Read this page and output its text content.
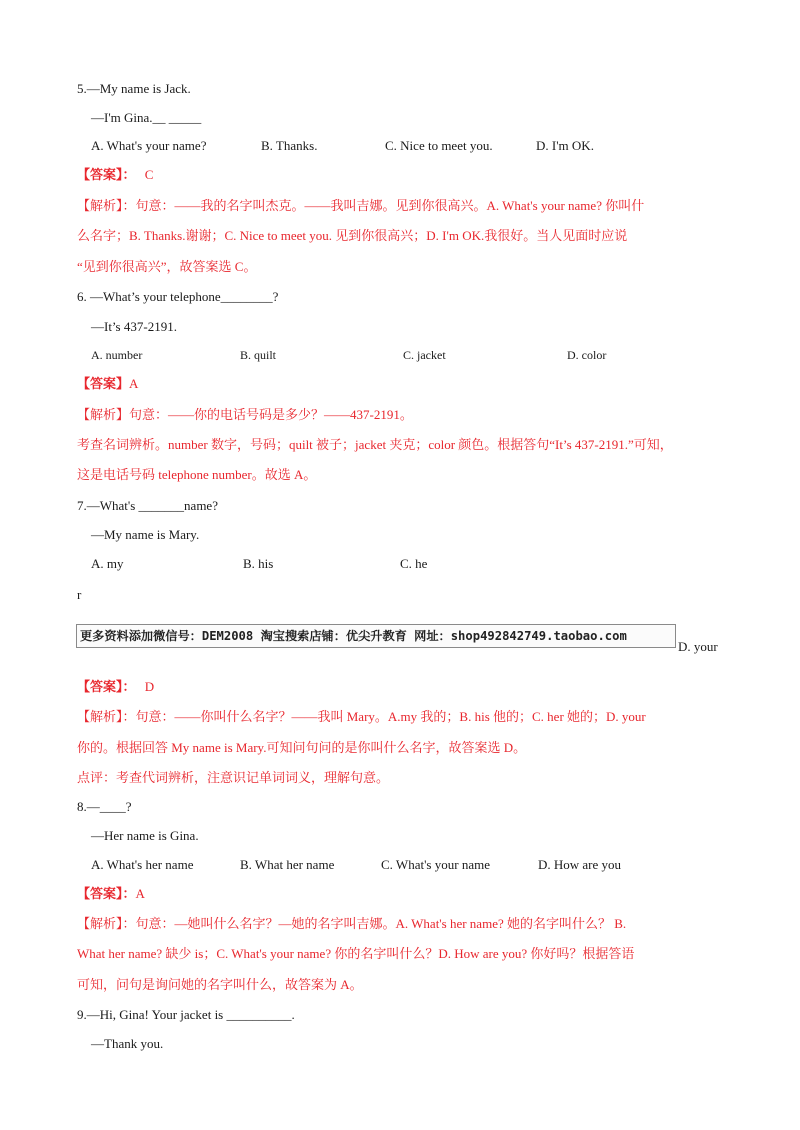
5.—My name is Jack.
—I'm Gina.__ _____
A. What's your name?	B. Thanks.	C. Nice to meet you.	D. I'm OK.
【答案】： C
【解析】：句意：——我的名字叫杰克。——我叫吉娜。见到你很高兴。A. What's your name? 你叫什
么名字；B. Thanks.谢谢；C. Nice to meet you. 见到你很高兴；D. I'm OK.我很好。当人见面时应说
“见到你很高兴”，故答案选 C。
6. —What’s your telephone________?
—It’s 437-2191.
A. number	B. quilt	C. jacket	D. color
【答案】A
【解析】句意：——你的电话号码是多少？——437-2191。
考查名词辨析。number 数字，号码；quilt 被子；jacket 夹克；color 颜色。根据答句“It’s 437-2191.”可知，
这是电话号码 telephone number。故选 A。
7.—What's _______name?
—My name is Mary.
A. my	B. his	C. he
r
更多资料添加微信号：DEM2008 淘宝搜索店铺：优尖升教育 网址：shop492842749.taobao.com
D. your
【答案】： D
【解析】：句意：——你叫什么名字？——我叫 Mary。A.my 我的；B. his 他的；C. her 她的；D. your
你的。根据回答 My name is Mary.可知问句问的是你叫什么名字，故答案选 D。
点评：考查代词辨析，注意识记单词词义，理解句意。
8.—____?
—Her name is Gina.
A. What's her name	B. What her name	C. What's your name	D. How are you
【答案】：A
【解析】：句意：—她叫什么名字？—她的名字叫吉娜。A. What's her name? 她的名字叫什么？ B.
What her name? 缺少 is；C. What's your name? 你的名字叫什么？D. How are you? 你好吗？根据答语
可知，问句是询问她的名字叫什么，故答案为 A。
9.—Hi, Gina! Your jacket is __________.
—Thank you.
